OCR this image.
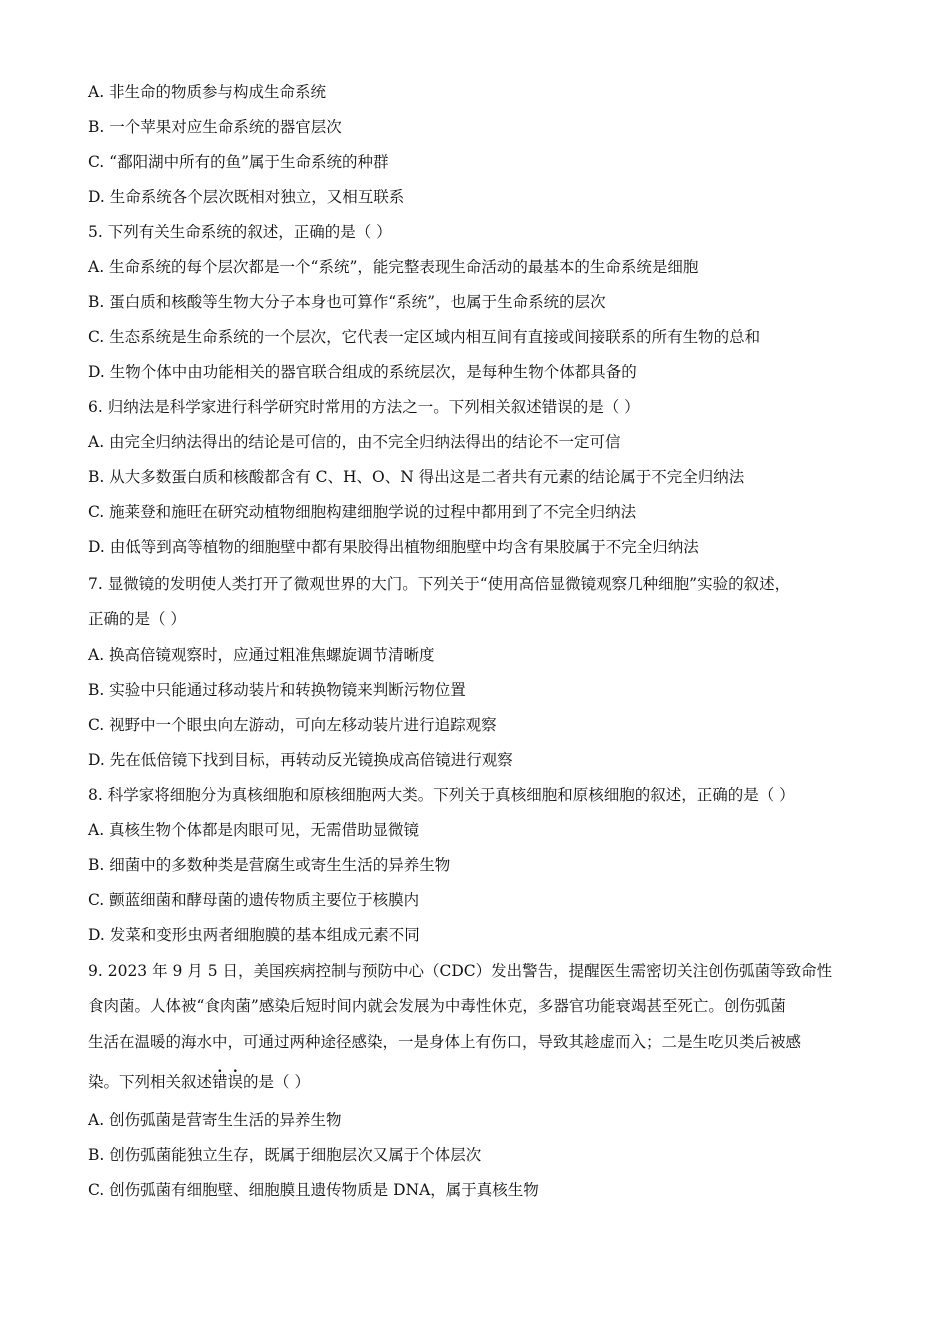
A. 非生命的物质参与构成生命系统
B. 一个苹果对应生命系统的器官层次
C. “鄱阳湖中所有的鱼”属于生命系统的种群
D. 生命系统各个层次既相对独立，又相互联系
5. 下列有关生命系统的叙述，正确的是（ ）
A. 生命系统的每个层次都是一个“系统”，能完整表现生命活动的最基本的生命系统是细胞
B. 蛋白质和核酸等生物大分子本身也可算作“系统”，也属于生命系统的层次
C. 生态系统是生命系统的一个层次，它代表一定区域内相互间有直接或间接联系的所有生物的总和
D. 生物个体中由功能相关的器官联合组成的系统层次，是每种生物个体都具备的
6. 归纳法是科学家进行科学研究时常用的方法之一。下列相关叙述错误的是（ ）
A. 由完全归纳法得出的结论是可信的，由不完全归纳法得出的结论不一定可信
B. 从大多数蛋白质和核酸都含有 C、H、O、N 得出这是二者共有元素的结论属于不完全归纳法
C. 施莱登和施旺在研究动植物细胞构建细胞学说的过程中都用到了不完全归纳法
D. 由低等到高等植物的细胞壁中都有果胶得出植物细胞壁中均含有果胶属于不完全归纳法
7. 显微镜的发明使人类打开了微观世界的大门。下列关于“使用高倍显微镜观察几种细胞”实验的叙述，
正确的是（ ）
A. 换高倍镜观察时，应通过粗准焦螺旋调节清晰度
B. 实验中只能通过移动装片和转换物镜来判断污物位置
C. 视野中一个眼虫向左游动，可向左移动装片进行追踪观察
D. 先在低倍镜下找到目标，再转动反光镜换成高倍镜进行观察
8. 科学家将细胞分为真核细胞和原核细胞两大类。下列关于真核细胞和原核细胞的叙述，正确的是（ ）
A. 真核生物个体都是肉眼可见，无需借助显微镜
B. 细菌中的多数种类是营腐生或寄生生活的异养生物
C. 颤蓝细菌和酵母菌的遗传物质主要位于核膜内
D. 发菜和变形虫两者细胞膜的基本组成元素不同
9. 2023 年 9 月 5 日，美国疾病控制与预防中心（CDC）发出警告，提醒医生需密切关注创伤弧菌等致命性
食肉菌。人体被“食肉菌”感染后短时间内就会发展为中毒性休克，多器官功能衰竭甚至死亡。创伤弧菌
生活在温暖的海水中，可通过两种途径感染，一是身体上有伤口，导致其趁虚而入；二是生吃贝类后被感
染。下列相关叙述错误的是（ ）
A. 创伤弧菌是营寄生生活的异养生物
B. 创伤弧菌能独立生存，既属于细胞层次又属于个体层次
C. 创伤弧菌有细胞壁、细胞膜且遗传物质是 DNA，属于真核生物
